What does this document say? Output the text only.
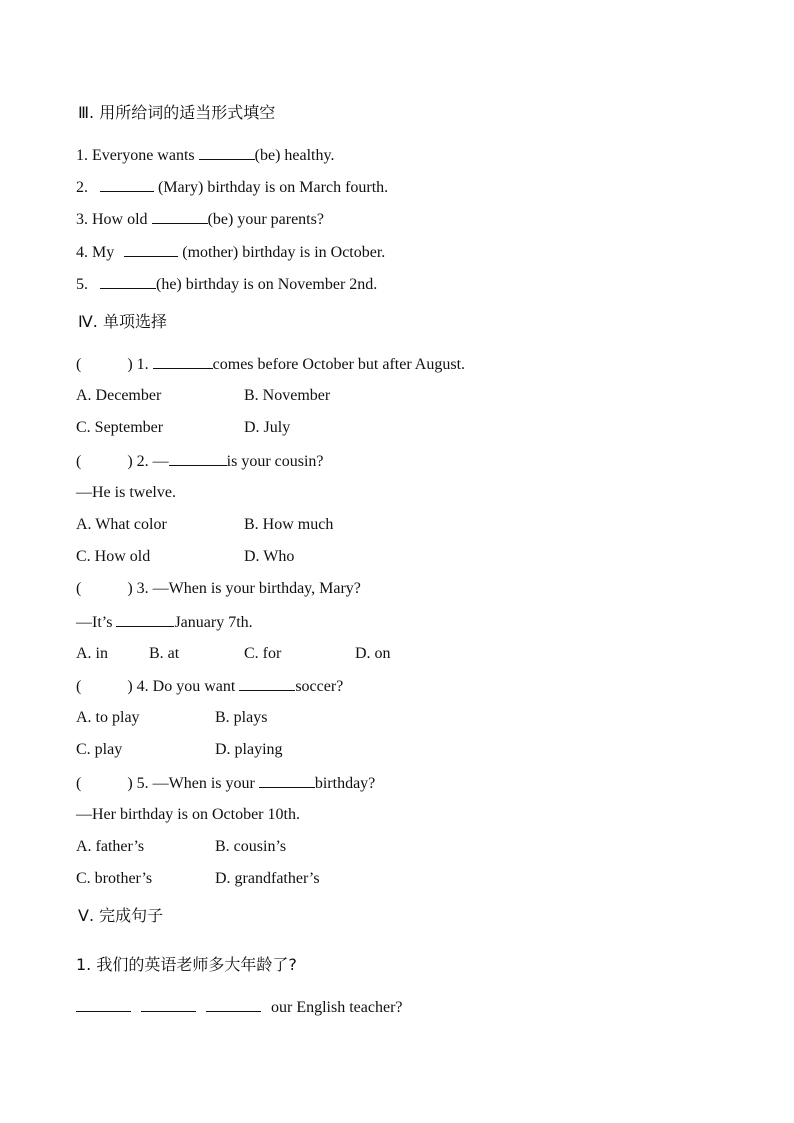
Ⅲ. 用所给词的适当形式填空
1. Everyone wants	(be) healthy.
2.	(Mary) birthday is on March fourth.
3. How old	(be) your parents?
4. My	(mother) birthday is in October.
5.	(he) birthday is on November 2nd.
Ⅳ. 单项选择
(	) 1.	comes before October but after August.
A. December	B. November
C. September	D. July
(	) 2. —	is your cousin?
—He is twelve.
A. What color	B. How much
C. How old	D. Who
(	) 3. —When is your birthday, Mary?
—It’s	January 7th.
A. in	B. at	C. for	D. on
(	) 4. Do you want	soccer?
A. to play	B. plays
C. play	D. playing
(	) 5. —When is your	birthday?
—Her birthday is on October 10th.
A. father’s	B. cousin’s
C. brother’s	D. grandfather’s
Ⅴ. 完成句子
1. 我们的英语老师多大年龄了?
our English teacher?
